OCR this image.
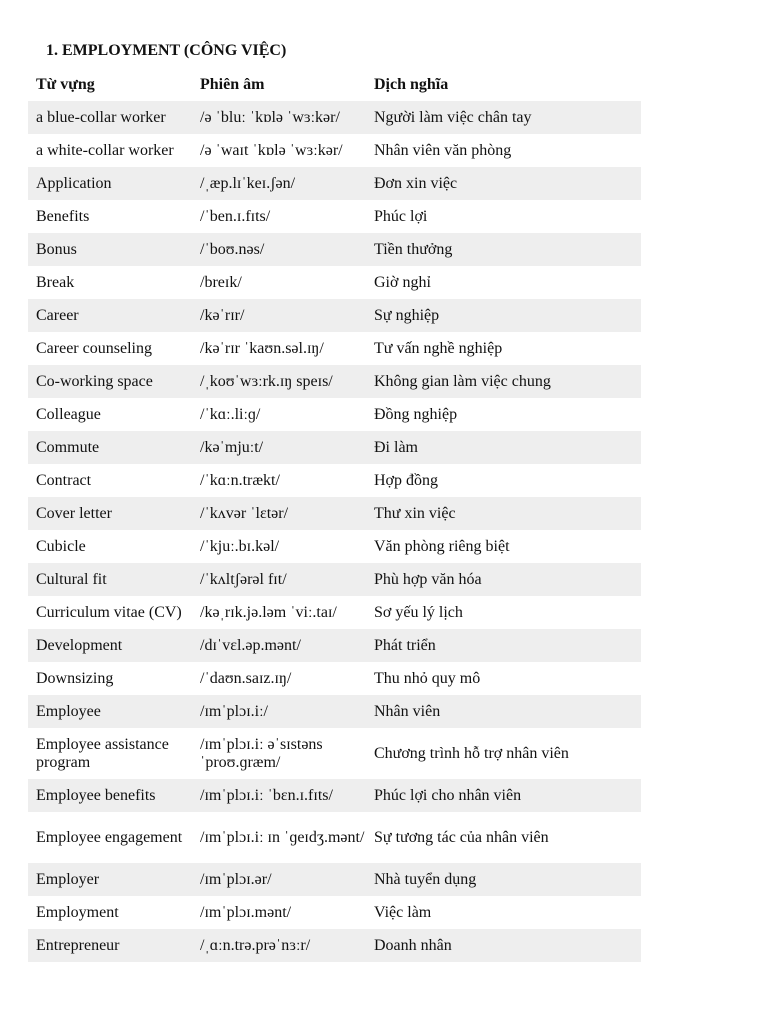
1. EMPLOYMENT (CÔNG VIỆC)
Từ vựng	Phiên âm	Dịch nghĩa
a blue-collar worker	/ə ˈbluː ˈkɒlə ˈwɜːkər/	Người làm việc chân tay
a white-collar worker	/ə ˈwaɪt ˈkɒlə ˈwɜːkər/	Nhân viên văn phòng
Application	/ˌæp.lɪˈkeɪ.ʃən/	Đơn xin việc
Benefits	/ˈben.ɪ.fɪts/	Phúc lợi
Bonus	/ˈboʊ.nəs/	Tiền thưởng
Break	/breɪk/	Giờ nghỉ
Career	/kəˈrɪr/	Sự nghiệp
Career counseling	/kəˈrɪr ˈkaʊn.səl.ɪŋ/	Tư vấn nghề nghiệp
Co-working space	/ˌkoʊˈwɜːrk.ɪŋ speɪs/	Không gian làm việc chung
Colleague	/ˈkɑː.liːɡ/	Đồng nghiệp
Commute	/kəˈmjuːt/	Đi làm
Contract	/ˈkɑːn.trækt/	Hợp đồng
Cover letter	/ˈkʌvər ˈlɛtər/	Thư xin việc
Cubicle	/ˈkjuː.bɪ.kəl/	Văn phòng riêng biệt
Cultural fit	/ˈkʌltʃərəl fɪt/	Phù hợp văn hóa
Curriculum vitae (CV)	/kəˌrɪk.jə.ləm ˈviː.taɪ/	Sơ yếu lý lịch
Development	/dɪˈvɛl.əp.mənt/	Phát triển
Downsizing	/ˈdaʊn.saɪz.ɪŋ/	Thu nhỏ quy mô
Employee	/ɪmˈplɔɪ.iː/	Nhân viên
Employee assistance program	/ɪmˈplɔɪ.iː əˈsɪstəns ˈproʊ.ɡræm/	Chương trình hỗ trợ nhân viên
Employee benefits	/ɪmˈplɔɪ.iː ˈbɛn.ɪ.fɪts/	Phúc lợi cho nhân viên
Employee engagement	/ɪmˈplɔɪ.iː ɪn ˈɡeɪdʒ.mənt/	Sự tương tác của nhân viên
Employer	/ɪmˈplɔɪ.ər/	Nhà tuyển dụng
Employment	/ɪmˈplɔɪ.mənt/	Việc làm
Entrepreneur	/ˌɑːn.trə.prəˈnɜːr/	Doanh nhân
